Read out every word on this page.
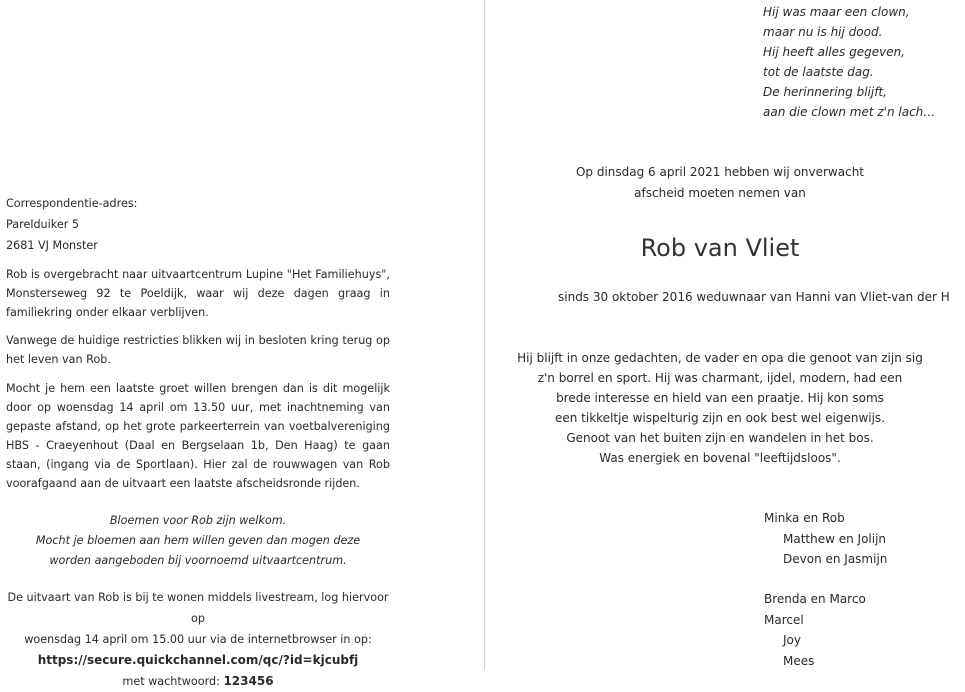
Correspondentie-adres:
Parelduiker 5
2681 VJ Monster
Rob is overgebracht naar uitvaartcentrum Lupine "Het Familiehuys", Monsterseweg 92 te Poeldijk, waar wij deze dagen graag in familiekring onder elkaar verblijven.
Vanwege de huidige restricties blikken wij in besloten kring terug op het leven van Rob.
Mocht je hem een laatste groet willen brengen dan is dit mogelijk door op woensdag 14 april om 13.50 uur, met inachtneming van gepaste afstand, op het grote parkeerterrein van voetbalvereniging HBS - Craeyenhout (Daal en Bergselaan 1b, Den Haag) te gaan staan, (ingang via de Sportlaan). Hier zal de rouwwagen van Rob voorafgaand aan de uitvaart een laatste afscheidsronde rijden.
Bloemen voor Rob zijn welkom.
Mocht je bloemen aan hem willen geven dan mogen deze
worden aangeboden bij voornoemd uitvaartcentrum.
De uitvaart van Rob is bij te wonen middels livestream, log hiervoor op
woensdag 14 april om 15.00 uur via de internetbrowser in op:
https://secure.quickchannel.com/qc/?id=kjcubfj
met wachtwoord: 123456
Hij was maar een clown,
maar nu is hij dood.
Hij heeft alles gegeven,
tot de laatste dag.
De herinnering blijft,
aan die clown met z'n lach…
Op dinsdag 6 april 2021 hebben wij onverwacht
afscheid moeten nemen van
Rob van Vliet
sinds 30 oktober 2016 weduwnaar van Hanni van Vliet-van der H
Hij blijft in onze gedachten, de vader en opa die genoot van zijn sig
z'n borrel en sport. Hij was charmant, ijdel, modern, had een
brede interesse en hield van een praatje. Hij kon soms
een tikkeltje wispelturig zijn en ook best wel eigenwijs.
Genoot van het buiten zijn en wandelen in het bos.
Was energiek en bovenal "leeftijdsloos".
Minka en Rob
Matthew en Jolijn
Devon en Jasmijn
Brenda en Marco
Marcel
Joy
Mees
